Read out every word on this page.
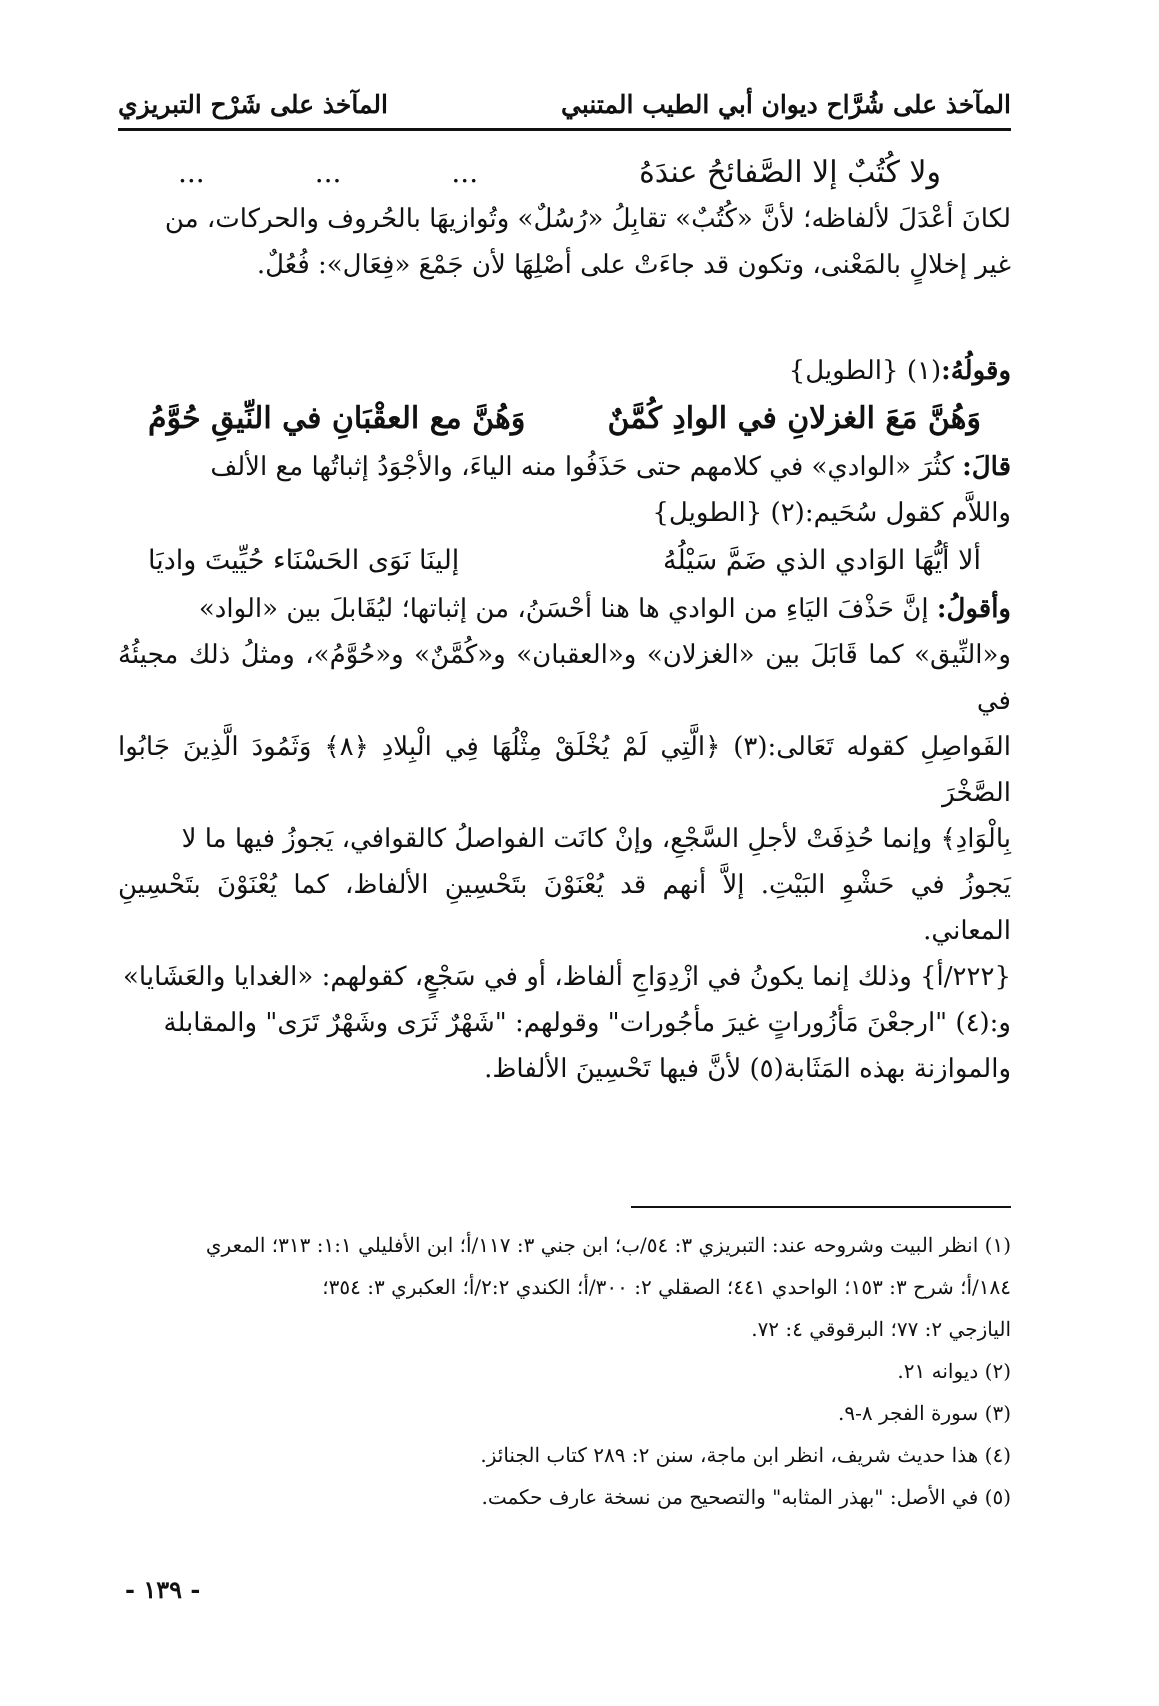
المآخذ على شُرَّاح ديوان أبي الطيب المتنبي
المآخذ على شَرْح التبريزي
ولا كُتُبٌ إلا الصَّفائحُ عندَهُ
...	...	...

لكانَ أعْدَلَ لألفاظه؛ لأنَّ «كُتُبٌ» تقابِلُ «رُسُلٌ» وتُوازيهَا بالحُروف والحركات، من

غير إخلالٍ بالمَعْنى، وتكون قد جاءَتْ على أصْلِهَا لأن جَمْعَ «فِعَال»: فُعُلٌ.

وقولُهُ:(١) {الطويل}

وَهُنَّ مَعَ الغزلانِ في الوادِ كُمَّنٌ
وَهُنَّ مع العقْبَانِ في النِّيقِ حُوَّمُ

قالَ: كثُرَ «الوادي» في كلامهم حتى حَذَفُوا منه الياءَ، والأجْوَدُ إثباتُها مع الألف

واللاَّم كقول سُحَيم:(٢) {الطويل}

ألا أيُّهَا الوَادي الذي ضَمَّ سَيْلُهُ
إلينَا نَوَى الحَسْنَاء حُيِّيتَ واديَا

وأقولُ: إنَّ حَذْفَ اليَاءِ من الوادي ها هنا أحْسَنُ، من إثباتها؛ ليُقَابلَ بين «الواد»

و«النِّيق» كما قَابَلَ بين «الغزلان» و«العقبان» و«كُمَّنٌ» و«حُوَّمُ»، ومثلُ ذلك مجيئُهُ في

الفَواصِلِ كقوله تَعَالى:(٣) ﴿الَّتِي لَمْ يُخْلَقْ مِثْلُهَا فِي الْبِلادِ ﴿٨﴾ وَثَمُودَ الَّذِينَ جَابُوا الصَّخْرَ

بِالْوَادِ﴾ وإنما حُذِفَتْ لأجلِ السَّجْعِ، وإنْ كانَت الفواصلُ كالقوافي، يَجوزُ فيها ما لا

يَجوزُ في حَشْوِ البَيْتِ. إلاَّ أنهم قد يُعْنَوْنَ بتَحْسِينِ الألفاظ، كما يُعْنَوْنَ بتَحْسِينِ المعاني.

{٢٢٢/أ} وذلك إنما يكونُ في ازْدِوَاجِ ألفاظ، أو في سَجْعٍ، كقولهم: «الغدايا والعَشَايا»

و:(٤) "ارجعْنَ مَأزُوراتٍ غيرَ مأجُورات" وقولهم: "شَهْرٌ ثَرَى وشَهْرٌ تَرَى" والمقابلة

والموازنة بهذه المَثَابة(٥) لأنَّ فيها تَحْسِينَ الألفاظ.

(١) انظر البيت وشروحه عند: التبريزي ٣: ٥٤/ب؛ ابن جني ٣: ١١٧/أ؛ ابن الأفليلي ١:١: ٣١٣؛ المعري
١٨٤/أ؛ شرح ٣: ١٥٣؛ الواحدي ٤٤١؛ الصقلي ٢: ٣٠٠/أ؛ الكندي ٢:٢/أ؛ العكبري ٣: ٣٥٤؛
اليازجي ٢: ٧٧؛ البرقوقي ٤: ٧٢.
(٢) ديوانه ٢١.
(٣) سورة الفجر ٨-٩.
(٤) هذا حديث شريف، انظر ابن ماجة، سنن ٢: ٢٨٩ كتاب الجنائز.
(٥) في الأصل: "بهذر المثابه" والتصحيح من نسخة عارف حكمت.
- ١٣٩ -
